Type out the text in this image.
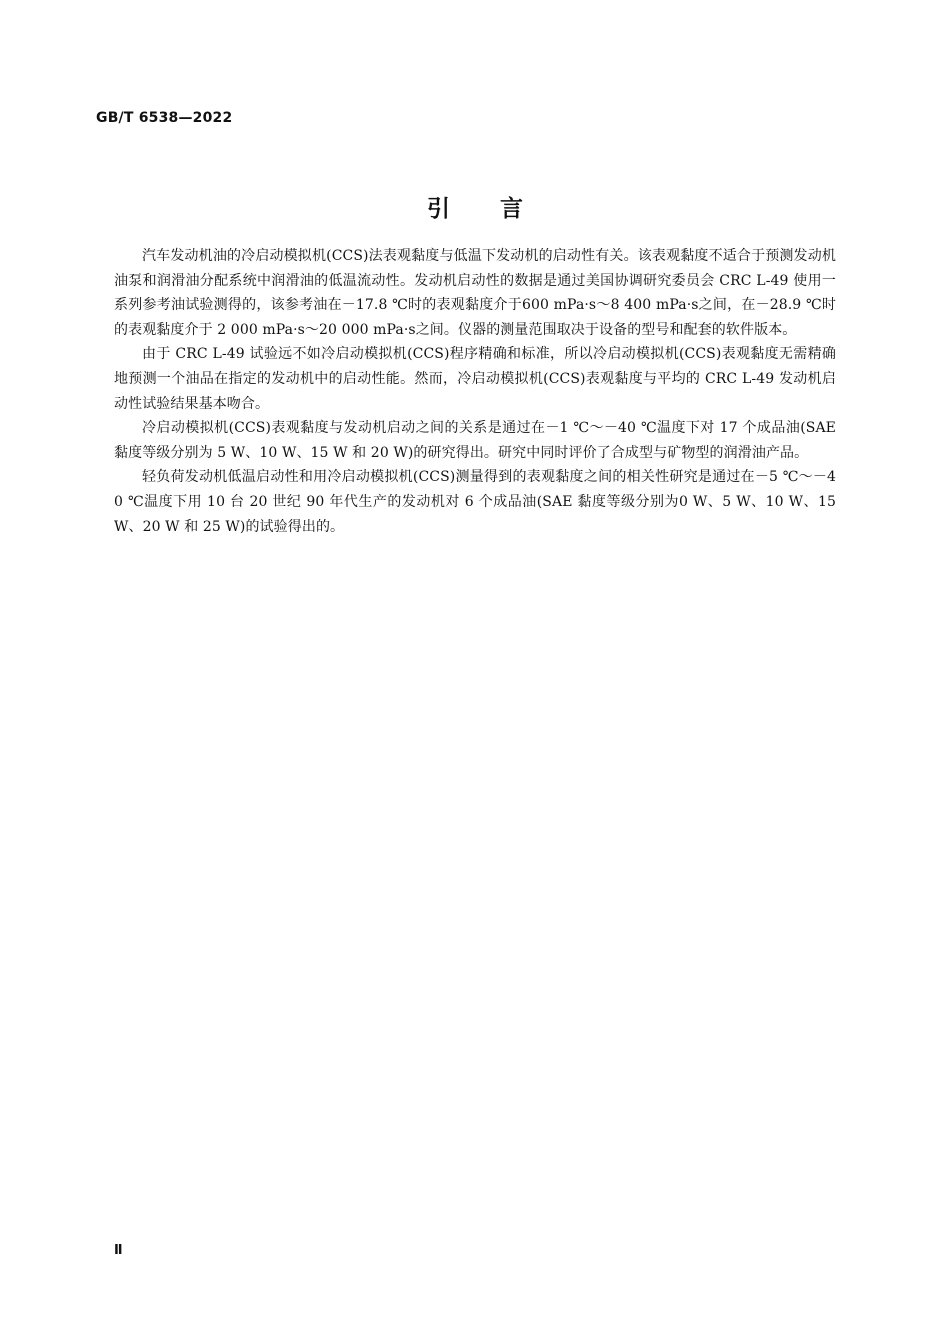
GB/T 6538—2022
引言

汽车发动机油的冷启动模拟机(CCS)法表观黏度与低温下发动机的启动性有关。该表观黏度不适合于预测发动机油泵和润滑油分配系统中润滑油的低温流动性。发动机启动性的数据是通过美国协调研究委员会 CRC L-49 使用一系列参考油试验测得的，该参考油在－17.8 ℃时的表观黏度介于600 mPa·s～8 400 mPa·s之间，在－28.9 ℃时的表观黏度介于 2 000 mPa·s～20 000 mPa·s之间。仪器的测量范围取决于设备的型号和配套的软件版本。

由于 CRC L-49 试验远不如冷启动模拟机(CCS)程序精确和标准，所以冷启动模拟机(CCS)表观黏度无需精确地预测一个油品在指定的发动机中的启动性能。然而，冷启动模拟机(CCS)表观黏度与平均的 CRC L-49 发动机启动性试验结果基本吻合。

冷启动模拟机(CCS)表观黏度与发动机启动之间的关系是通过在－1 ℃～－40 ℃温度下对 17 个成品油(SAE 黏度等级分别为 5 W、10 W、15 W 和 20 W)的研究得出。研究中同时评价了合成型与矿物型的润滑油产品。

轻负荷发动机低温启动性和用冷启动模拟机(CCS)测量得到的表观黏度之间的相关性研究是通过在－5 ℃～－40 ℃温度下用 10 台 20 世纪 90 年代生产的发动机对 6 个成品油(SAE 黏度等级分别为0 W、5 W、10 W、15 W、20 W 和 25 W)的试验得出的。

Ⅱ
